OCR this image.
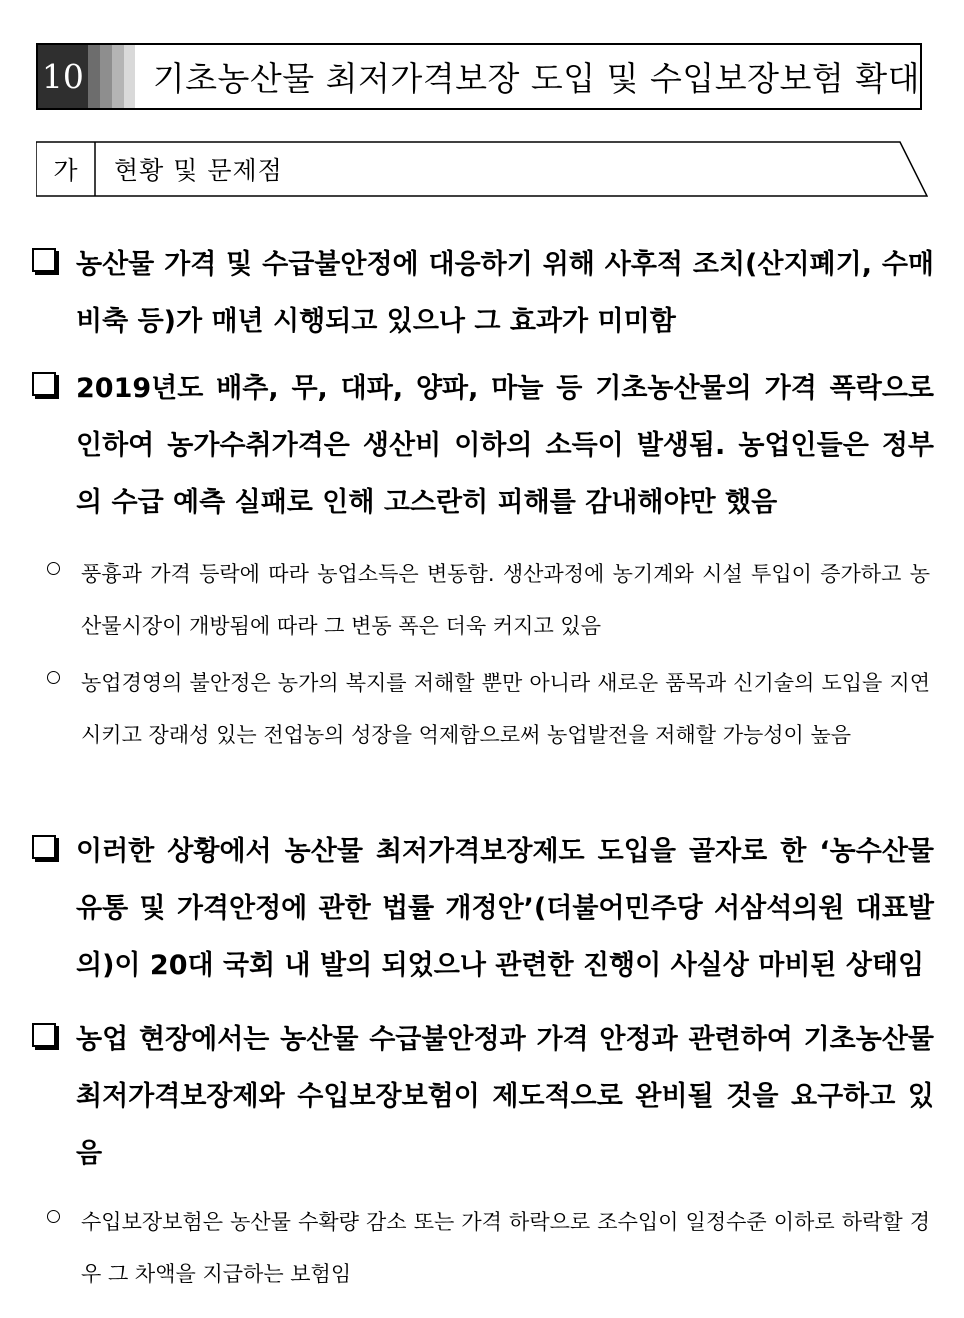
10	기초농산물 최저가격보장 도입 및 수입보장보험 확대
가	현황 및 문제점

농산물 가격 및 수급불안정에 대응하기 위해 사후적 조치(산지폐기, 수매비축 등)가 매년 시행되고 있으나 그 효과가 미미함

2019년도 배추, 무, 대파, 양파, 마늘 등 기초농산물의 가격 폭락으로 인하여 농가수취가격은 생산비 이하의 소득이 발생됨. 농업인들은 정부의 수급 예측 실패로 인해 고스란히 피해를 감내해야만 했음

풍흉과 가격 등락에 따라 농업소득은 변동함. 생산과정에 농기계와 시설 투입이 증가하고 농산물시장이 개방됨에 따라 그 변동 폭은 더욱 커지고 있음

농업경영의 불안정은 농가의 복지를 저해할 뿐만 아니라 새로운 품목과 신기술의 도입을 지연시키고 장래성 있는 전업농의 성장을 억제함으로써 농업발전을 저해할 가능성이 높음

이러한 상황에서 농산물 최저가격보장제도 도입을 골자로 한 ‘농수산물 유통 및 가격안정에 관한 법률 개정안’(더불어민주당 서삼석의원 대표발의)이 20대 국회 내 발의 되었으나 관련한 진행이 사실상 마비된 상태임

농업 현장에서는 농산물 수급불안정과 가격 안정과 관련하여 기초농산물 최저가격보장제와 수입보장보험이 제도적으로 완비될 것을 요구하고 있음

수입보장보험은 농산물 수확량 감소 또는 가격 하락으로 조수입이 일정수준 이하로 하락할 경우 그 차액을 지급하는 보험임
